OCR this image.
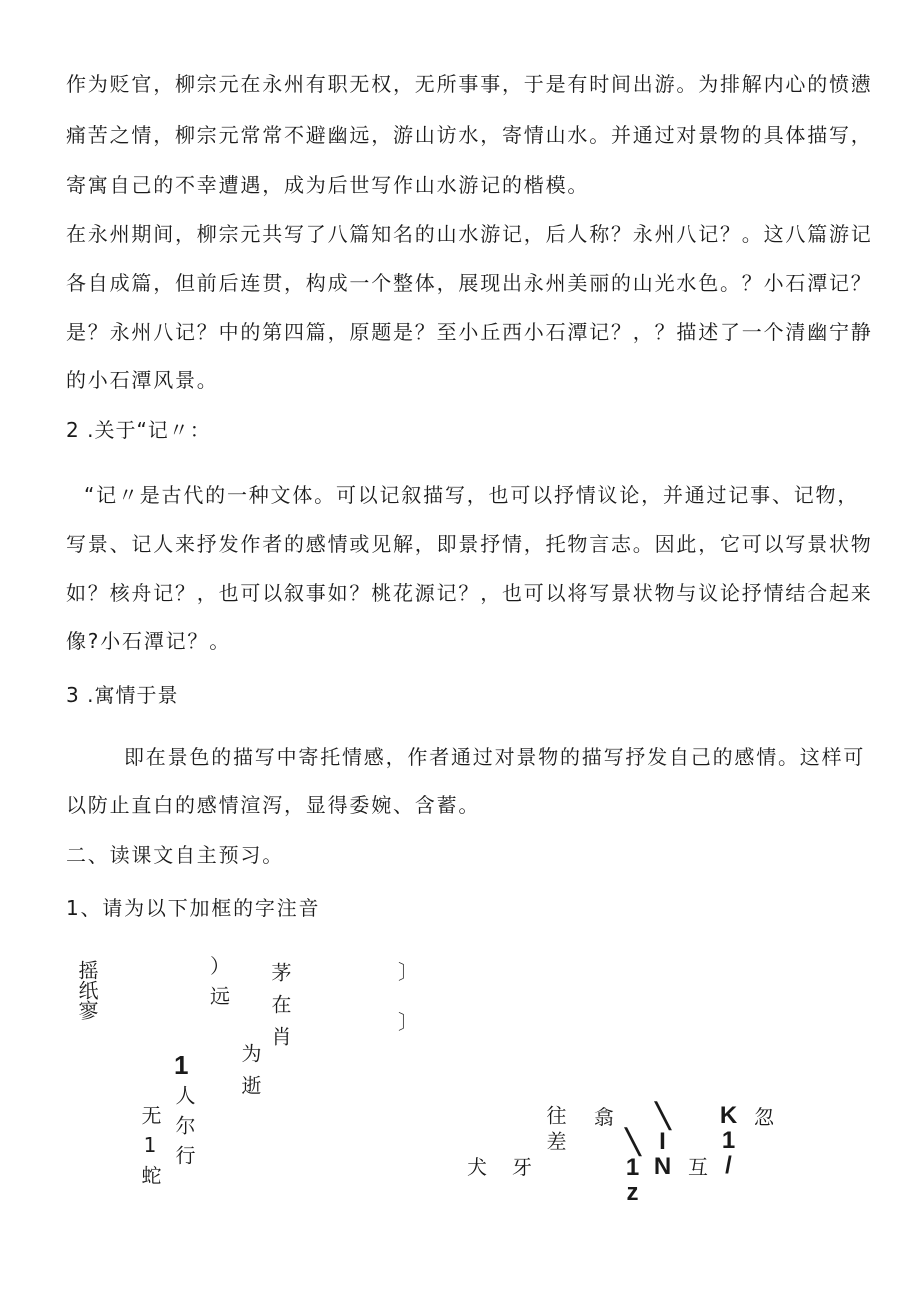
作为贬官，柳宗元在永州有职无权，无所事事，于是有时间出游。为排解内心的愤懑
痛苦之情，柳宗元常常不避幽远，游山访水，寄情山水。并通过对景物的具体描写，
寄寓自己的不幸遭遇，成为后世写作山水游记的楷模。
在永州期间，柳宗元共写了八篇知名的山水游记，后人称？永州八记？。这八篇游记
各自成篇，但前后连贯，构成一个整体，展现出永州美丽的山光水色。？小石潭记？
是？永州八记？中的第四篇，原题是？至小丘西小石潭记？，？描述了一个清幽宁静
的小石潭风景。
2 .关于“记〃：
“记〃是古代的一种文体。可以记叙描写，也可以抒情议论，并通过记事、记物，
写景、记人来抒发作者的感情或见解，即景抒情，托物言志。因此，它可以写景状物
如？核舟记？，也可以叙事如？桃花源记？，也可以将写景状物与议论抒情结合起来
像?小石潭记？。
3 .寓情于景
即在景色的描写中寄托情感，作者通过对景物的描写抒发自己的感情。这样可
以防止直白的感情渲泻，显得委婉、含蓄。
二、读课文自主预习。
1、请为以下加框的字注音
摇纸寥	）
远 茅在肖	〕
〕
为逝
1
人尔行
无1蛇	往差 翕
犬 牙	╲IN
╲1z	K1/ 忽
互
